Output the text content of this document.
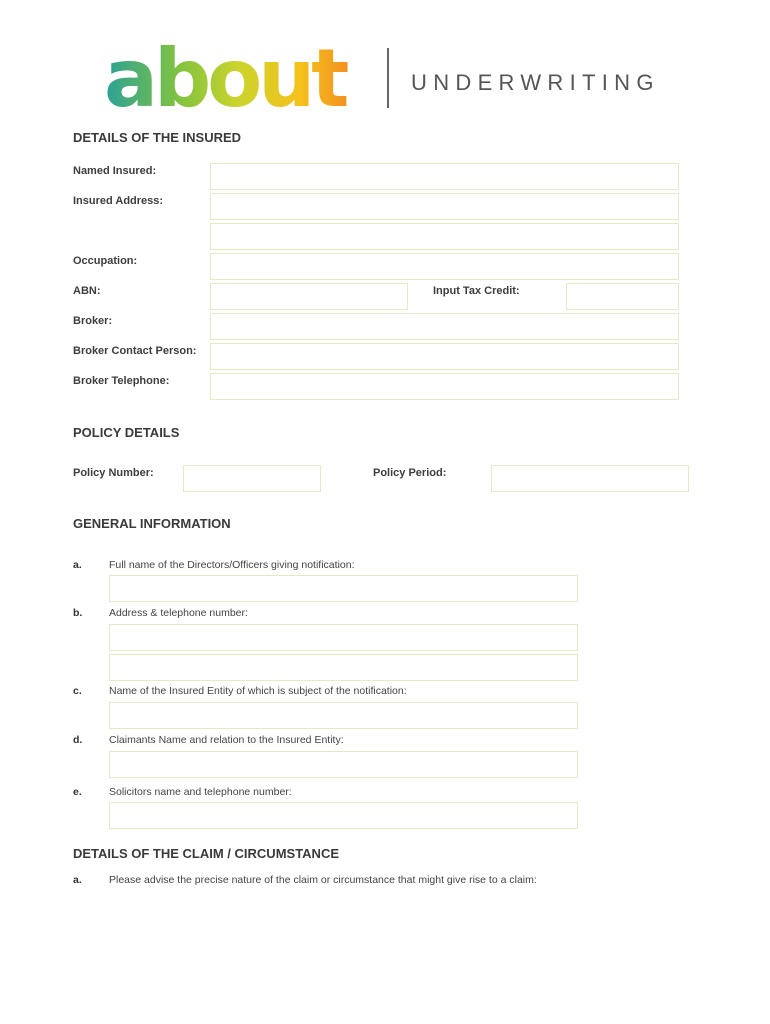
about	UNDERWRITING
DETAILS OF THE INSURED
Named Insured:
Insured Address:
Occupation:
ABN:	Input Tax Credit:
Broker:
Broker Contact Person:
Broker Telephone:
POLICY DETAILS
Policy Number:	Policy Period:
GENERAL INFORMATION
a.	Full name of the Directors/Officers giving notification:
b.	Address & telephone number:
c.	Name of the Insured Entity of which is subject of the notification:
d.	Claimants Name and relation to the Insured Entity:
e.	Solicitors name and telephone number:
DETAILS OF THE CLAIM / CIRCUMSTANCE
a.	Please advise the precise nature of the claim or circumstance that might give rise to a claim:
